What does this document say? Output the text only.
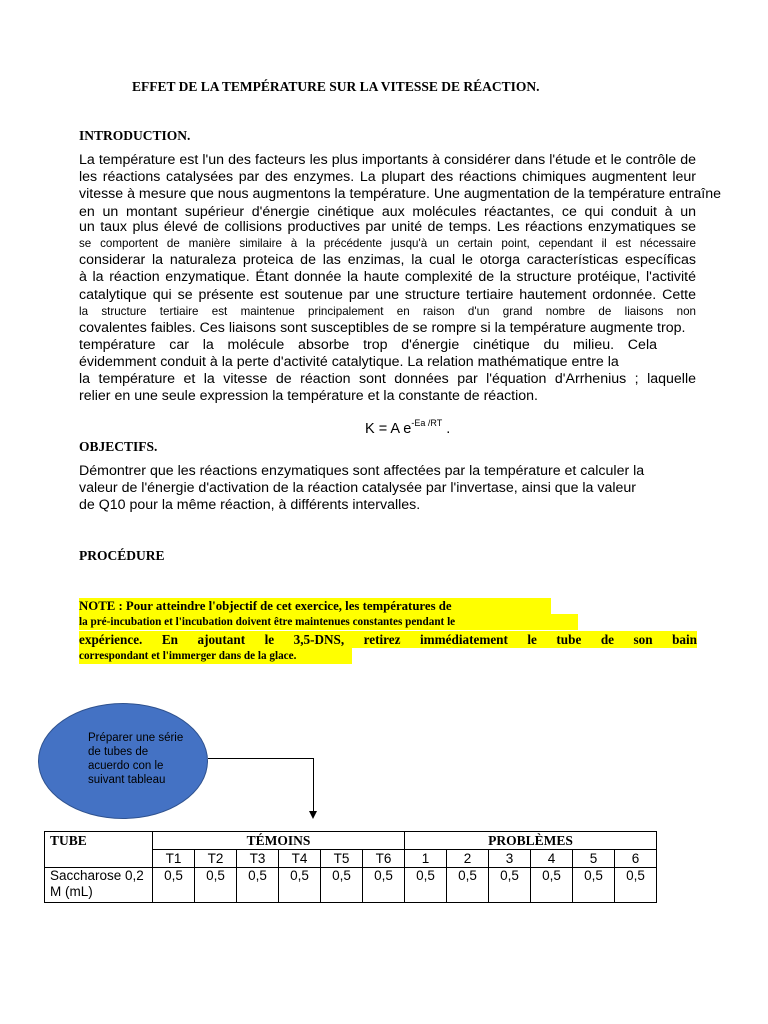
EFFET DE LA TEMPÉRATURE SUR LA VITESSE DE RÉACTION.
INTRODUCTION.
La température est l'un des facteurs les plus importants à considérer dans l'étude et le contrôle de
les réactions catalysées par des enzymes. La plupart des réactions chimiques augmentent leur
vitesse à mesure que nous augmentons la température. Une augmentation de la température entraîne
en un montant supérieur d'énergie cinétique aux molécules réactantes, ce qui conduit à un
un taux plus élevé de collisions productives par unité de temps. Les réactions enzymatiques se
se comportent de manière similaire à la précédente jusqu'à un certain point, cependant il est nécessaire
considerar la naturaleza proteica de las enzimas, la cual le otorga características específicas
à la réaction enzymatique. Étant donnée la haute complexité de la structure protéique, l'activité
catalytique qui se présente est soutenue par une structure tertiaire hautement ordonnée. Cette
la structure tertiaire est maintenue principalement en raison d'un grand nombre de liaisons non
covalentes faibles. Ces liaisons sont susceptibles de se rompre si la température augmente trop.
température car la molécule absorbe trop d'énergie cinétique du milieu. Cela
évidemment conduit à la perte d'activité catalytique. La relation mathématique entre la
la température et la vitesse de réaction sont données par l'équation d'Arrhenius ; laquelle
relier en une seule expression la température et la constante de réaction.
K = A $e^{-Ea /RT}$ .
OBJECTIFS.
Démontrer que les réactions enzymatiques sont affectées par la température et calculer la
valeur de l'énergie d'activation de la réaction catalysée par l'invertase, ainsi que la valeur
de Q10 pour la même réaction, à différents intervalles.
PROCÉDURE
NOTE : Pour atteindre l'objectif de cet exercice, les températures de
la pré-incubation et l'incubation doivent être maintenues constantes pendant le
expérience. En ajoutant le 3,5-DNS, retirez immédiatement le tube de son bain
correspondant et l'immerger dans de la glace.
Préparer une série de tubes de acuerdo con le suivant tableau
TUBE	TÉMOINS						PROBLÈMES					
	T1	T2	T3	T4	T5	T6	1	2	3	4	5	6
Saccharose 0,2 M (mL)	0,5	0,5	0,5	0,5	0,5	0,5	0,5	0,5	0,5	0,5	0,5	0,5
